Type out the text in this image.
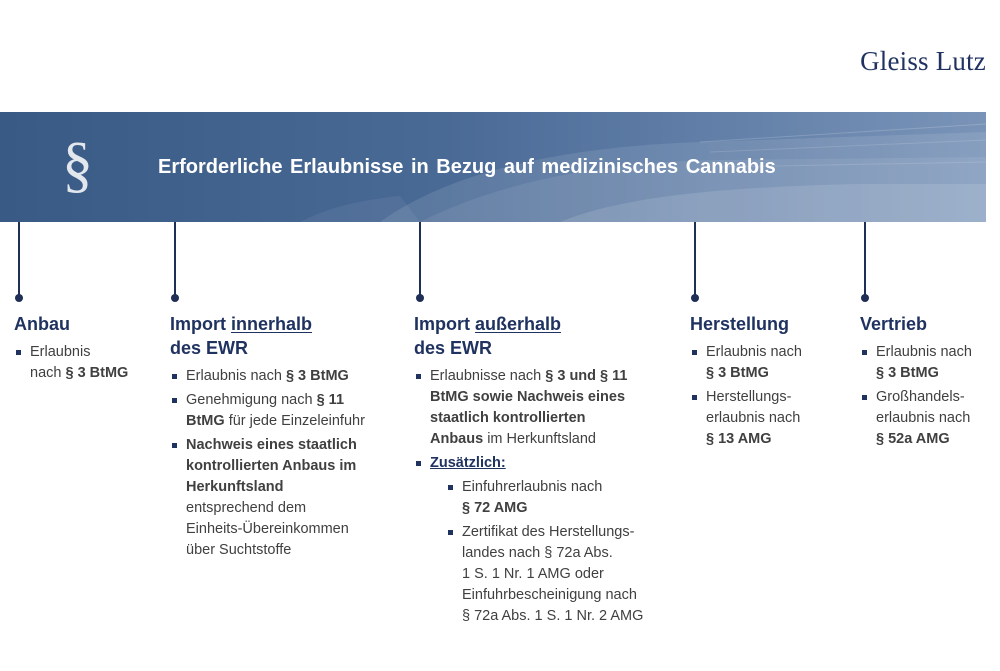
Gleiss Lutz
§	Erforderliche Erlaubnisse in Bezug auf medizinisches Cannabis
Anbau
Erlaubnis
nach § 3 BtMG
Import innerhalb
des EWR
Erlaubnis nach § 3 BtMG
Genehmigung nach § 11
BtMG für jede Einzeleinfuhr
Nachweis eines staatlich
kontrollierten Anbaus im
Herkunftsland
entsprechend dem
Einheits-Übereinkommen
über Suchtstoffe
Import außerhalb
des EWR
Erlaubnisse nach § 3 und § 11
BtMG sowie Nachweis eines
staatlich kontrollierten
Anbaus im Herkunftsland
Zusätzlich:
Einfuhrerlaubnis nach
§ 72 AMG
Zertifikat des Herstellungs-
landes nach § 72a Abs.
1 S. 1 Nr. 1 AMG oder
Einfuhrbescheinigung nach
§ 72a Abs. 1 S. 1 Nr. 2 AMG
Herstellung
Erlaubnis nach
§ 3 BtMG
Herstellungs-
erlaubnis nach
§ 13 AMG
Vertrieb
Erlaubnis nach
§ 3 BtMG
Großhandels-
erlaubnis nach
§ 52a AMG
